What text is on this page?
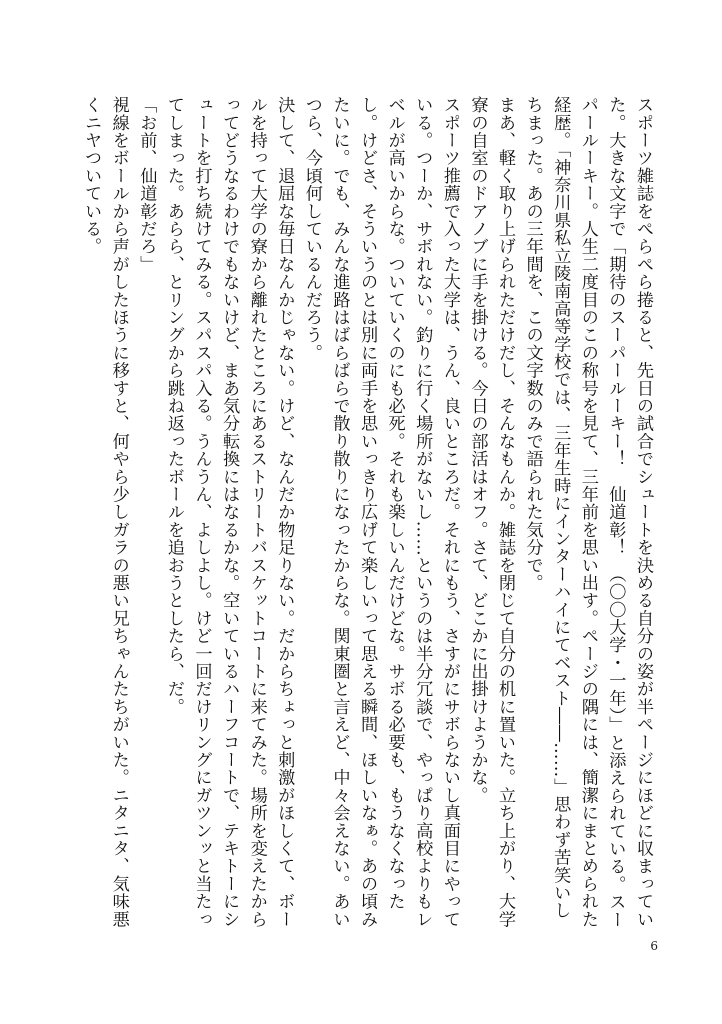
スポーツ雑誌をぺらぺら捲ると、先日の試合でシュートを決める自分の姿が半ページにほどに収まっていた。大きな文字で「期待のスーパールーキー！　仙道彰！　（〇〇大学・一年）」と添えられている。スーパールーキー。人生二度目のこの称号を見て、三年前を思い出す。ページの隅には、簡潔にまとめられた経歴。「神奈川県私立陵南高等学校では、三年生時にインターハイにてベスト――……」思わず苦笑いしちまった。あの三年間を、この文字数のみで語られた気分で。

まあ、軽く取り上げられただけだし、そんなもんか。雑誌を閉じて自分の机に置いた。立ち上がり、大学寮の自室のドアノブに手を掛ける。今日の部活はオフ。さて、どこかに出掛けようかな。

スポーツ推薦で入った大学は、うん、良いところだ。それにもう、さすがにサボらないし真面目にやっている。つーか、サボれない。釣りに行く場所がないし……というのは半分冗談で、やっぱり高校よりもレベルが高いからな。ついていくのにも必死。それも楽しいんだけどな。サボる必要も、もうなくなったし。けどさ、そういうのとは別に両手を思いっきり広げて楽しいって思える瞬間、ほしいなぁ。あの頃みたいに。でも、みんな進路はばらばらで散り散りになったからな。関東圏と言えど、中々会えない。あいつら、今頃何しているんだろう。

決して、退屈な毎日なんかじゃない。けど、なんだか物足りない。だからちょっと刺激がほしくて、ボールを持って大学の寮から離れたところにあるストリートバスケットコートに来てみた。場所を変えたからってどうなるわけでもないけど、まあ気分転換にはなるかな。空いているハーフコートで、テキトーにシュートを打ち続けてみる。スパスパ入る。うんうん、よしよし。けど一回だけリングにガツンッと当たってしまった。あらら、とリングから跳ね返ったボールを追おうとしたら、だ。

「お前、仙道彰だろ」

視線をボールから声がしたほうに移すと、何やら少しガラの悪い兄ちゃんたちがいた。ニタニタ、気味悪くニヤついている。

6
